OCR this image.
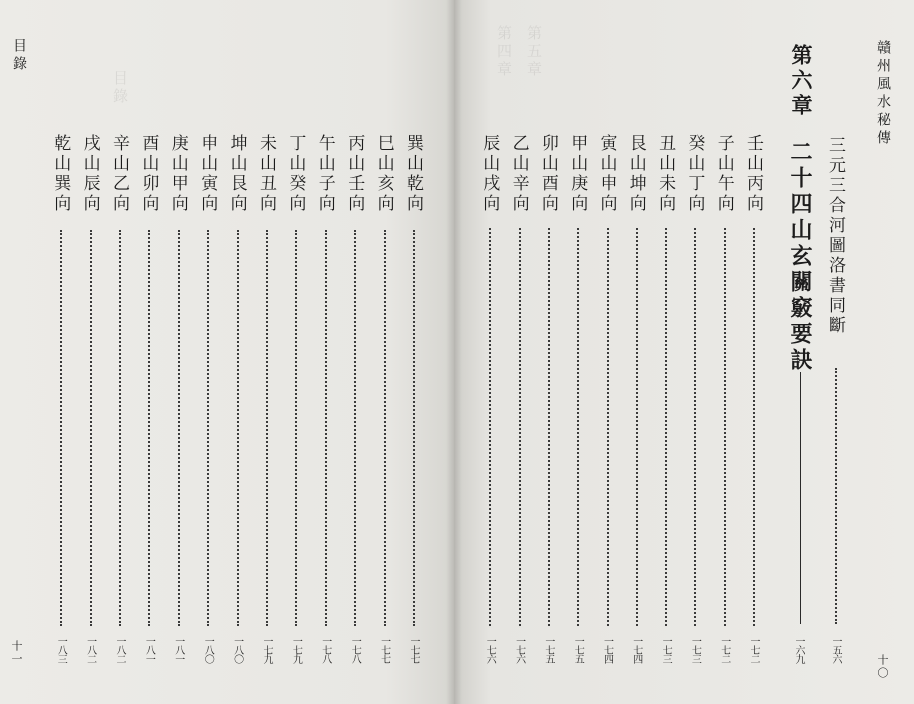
目錄
第五章
第四章
目錄	贛州風水秘傳
十一
十〇
三元三合河圖洛書同斷
一五六
第六章
二十四山玄關竅要訣
一六九
壬山丙向
一七二
子山午向
一七二
癸山丁向
一七三
丑山未向
一七三
艮山坤向
一七四
寅山申向
一七四
甲山庚向
一七五
卯山酉向
一七五
乙山辛向
一七六
辰山戌向
一七六
巽山乾向
一七七
巳山亥向
一七七
丙山壬向
一七八
午山子向
一七八
丁山癸向
一七九
未山丑向
一七九
坤山艮向
一八〇
申山寅向
一八〇
庚山甲向
一八一
酉山卯向
一八一
辛山乙向
一八二
戌山辰向
一八二
乾山巽向
一八三
